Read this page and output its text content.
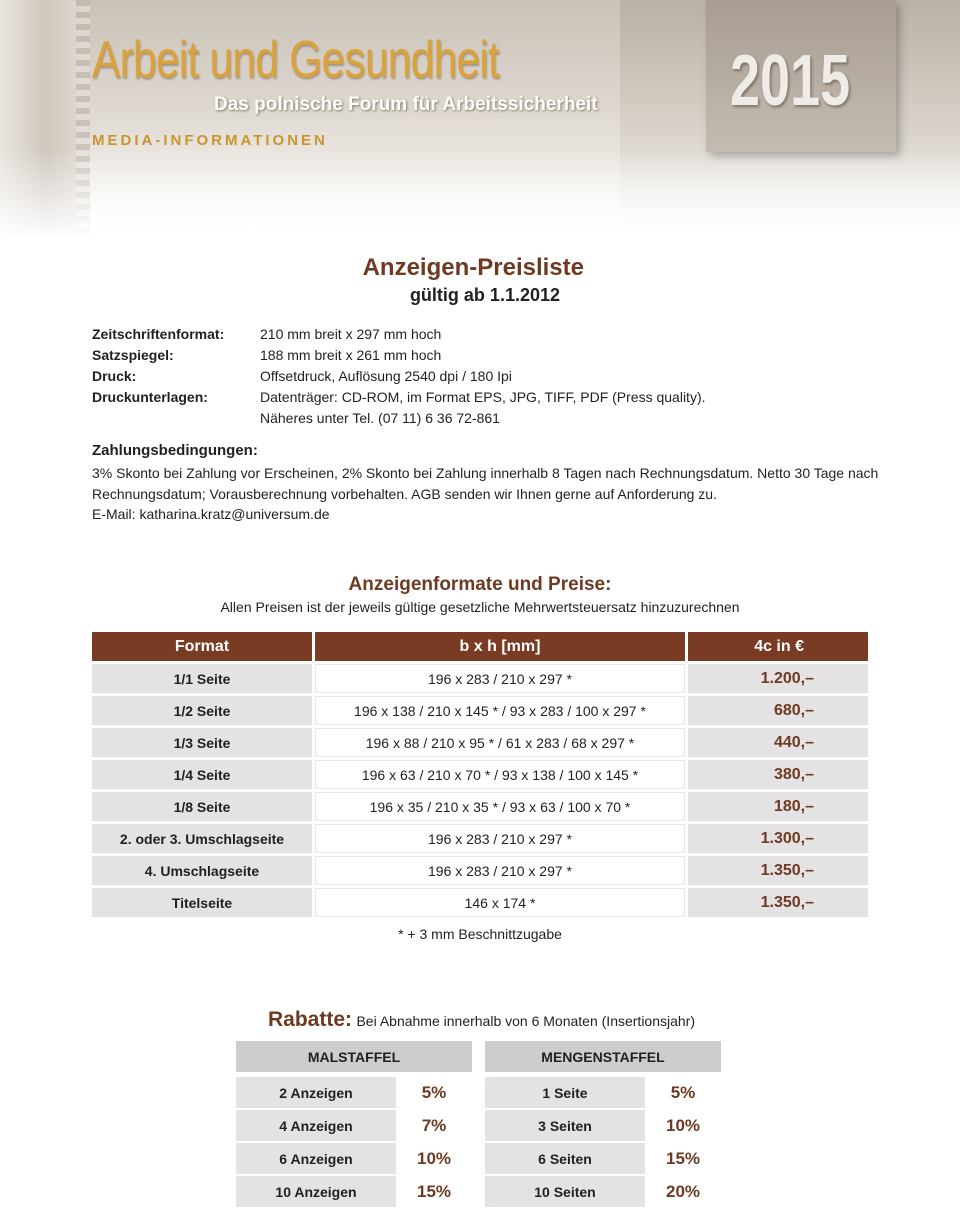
2015
Arbeit und Gesundheit
Das polnische Forum für Arbeitssicherheit
MEDIA-INFORMATIONEN
Anzeigen-Preisliste
gültig ab 1.1.2012
Zeitschriftenformat:	210 mm breit x 297 mm hoch
Satzspiegel:	188 mm breit x 261 mm hoch
Druck:	Offsetdruck, Auflösung 2540 dpi / 180 Ipi
Druckunterlagen:	Datenträger: CD-ROM, im Format EPS, JPG, TIFF, PDF (Press quality).
Näheres unter Tel. (07 11) 6 36 72-861
Zahlungsbedingungen:
3% Skonto bei Zahlung vor Erscheinen, 2% Skonto bei Zahlung innerhalb 8 Tagen nach Rechnungsdatum. Netto 30 Tage nach Rechnungsdatum; Vorausberechnung vorbehalten. AGB senden wir Ihnen gerne auf Anforderung zu.
E-Mail: katharina.kratz@universum.de
Anzeigenformate und Preise:
Allen Preisen ist der jeweils gültige gesetzliche Mehrwertsteuersatz hinzuzurechnen
Format	b x h [mm]	4c in €
1/1 Seite	196 x 283 / 210 x 297 *	1.200,–
1/2 Seite	196 x 138 / 210 x 145 * / 93 x 283 / 100 x 297 *	680,–
1/3 Seite	196 x 88 / 210 x 95 * / 61 x 283 / 68 x 297 *	440,–
1/4 Seite	196 x 63 / 210 x 70 * / 93 x 138 / 100 x 145 *	380,–
1/8 Seite	196 x 35 / 210 x 35 * / 93 x 63 / 100 x 70 *	180,–
2. oder 3. Umschlagseite	196 x 283 / 210 x 297 *	1.300,–
4. Umschlagseite	196 x 283 / 210 x 297 *	1.350,–
Titelseite	146 x 174 *	1.350,–
* + 3 mm Beschnittzugabe
Rabatte: Bei Abnahme innerhalb von 6 Monaten (Insertionsjahr)
MALSTAFFEL
2 Anzeigen	5%
4 Anzeigen	7%
6 Anzeigen	10%
10 Anzeigen	15%
MENGENSTAFFEL
1 Seite	5%
3 Seiten	10%
6 Seiten	15%
10 Seiten	20%
